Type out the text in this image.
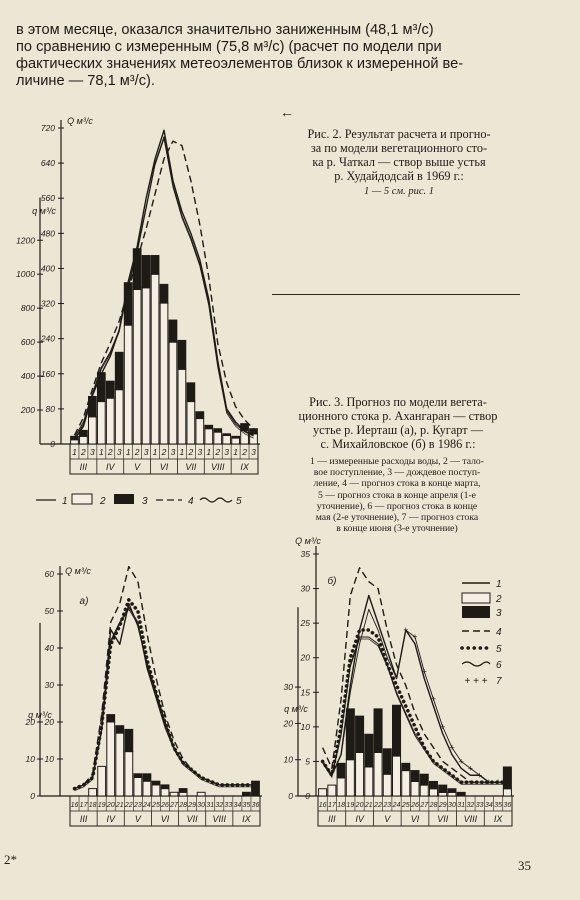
в этом месяце, оказался значительно заниженным (48,1 м³/с)
по сравнению с измеренным (75,8 м³/с) (расчет по модели при
фактических значениях метеоэлементов близок к измеренной ве-
личине — 78,1 м³/с).
←
Рис. 2. Результат расчета и прогно-
за по модели вегетационного сто-
ка р. Чаткал — створ выше устья
р. Худайдодсай в 1969 г.:
1 — 5 см. рис. 1
Рис. 3. Прогноз по модели вегета-
ционного стока р. Ахангаран — створ
устье р. Иерташ (а), р. Кугарт —
с. Михайловское (б) в 1986 г.:
1 — измеренные расходы воды, 2 — тало-
вое поступление, 3 — дождевое поступ-
ление, 4 — прогноз стока в конце марта,
5 — прогноз стока в конце апреля (1-е
уточнение), 6 — прогноз стока в конце
мая (2-е уточнение), 7 — прогноз стока
в конце июня (3-е уточнение)
0
80
160
240
320
400
480
560
640
720
200
400
600
800
1000
1200
Q м³/с
q м³/с
1 2 3 1 2 3 1 2 3 1 2 3 1 2 3 1 2 3 1 2 3
III IV V VI VII VIII IX
1	2	3	4	5
10
20
30
40
50
60
0
10
20
Q м³/с
q м³/с
а)
16 17 18 19 20 21 22 23 24 25 26 27 28 29 30 31 32 33 34 35 36
III IV V VI VII VIII IX
0
5
10
15
20
25
30
35
0
10
20
30
Q м³/с
q м³/с
б)
16 17 18 19 20 21 22 23 24 25 26 27 28 29 30 31 32 33 34 35 36
III IV V VI VII VIII IX
+
+
+
+
+
+
+
+
+
+ + +
1
2
3
4
5
6
+ + + 7
2*	35
